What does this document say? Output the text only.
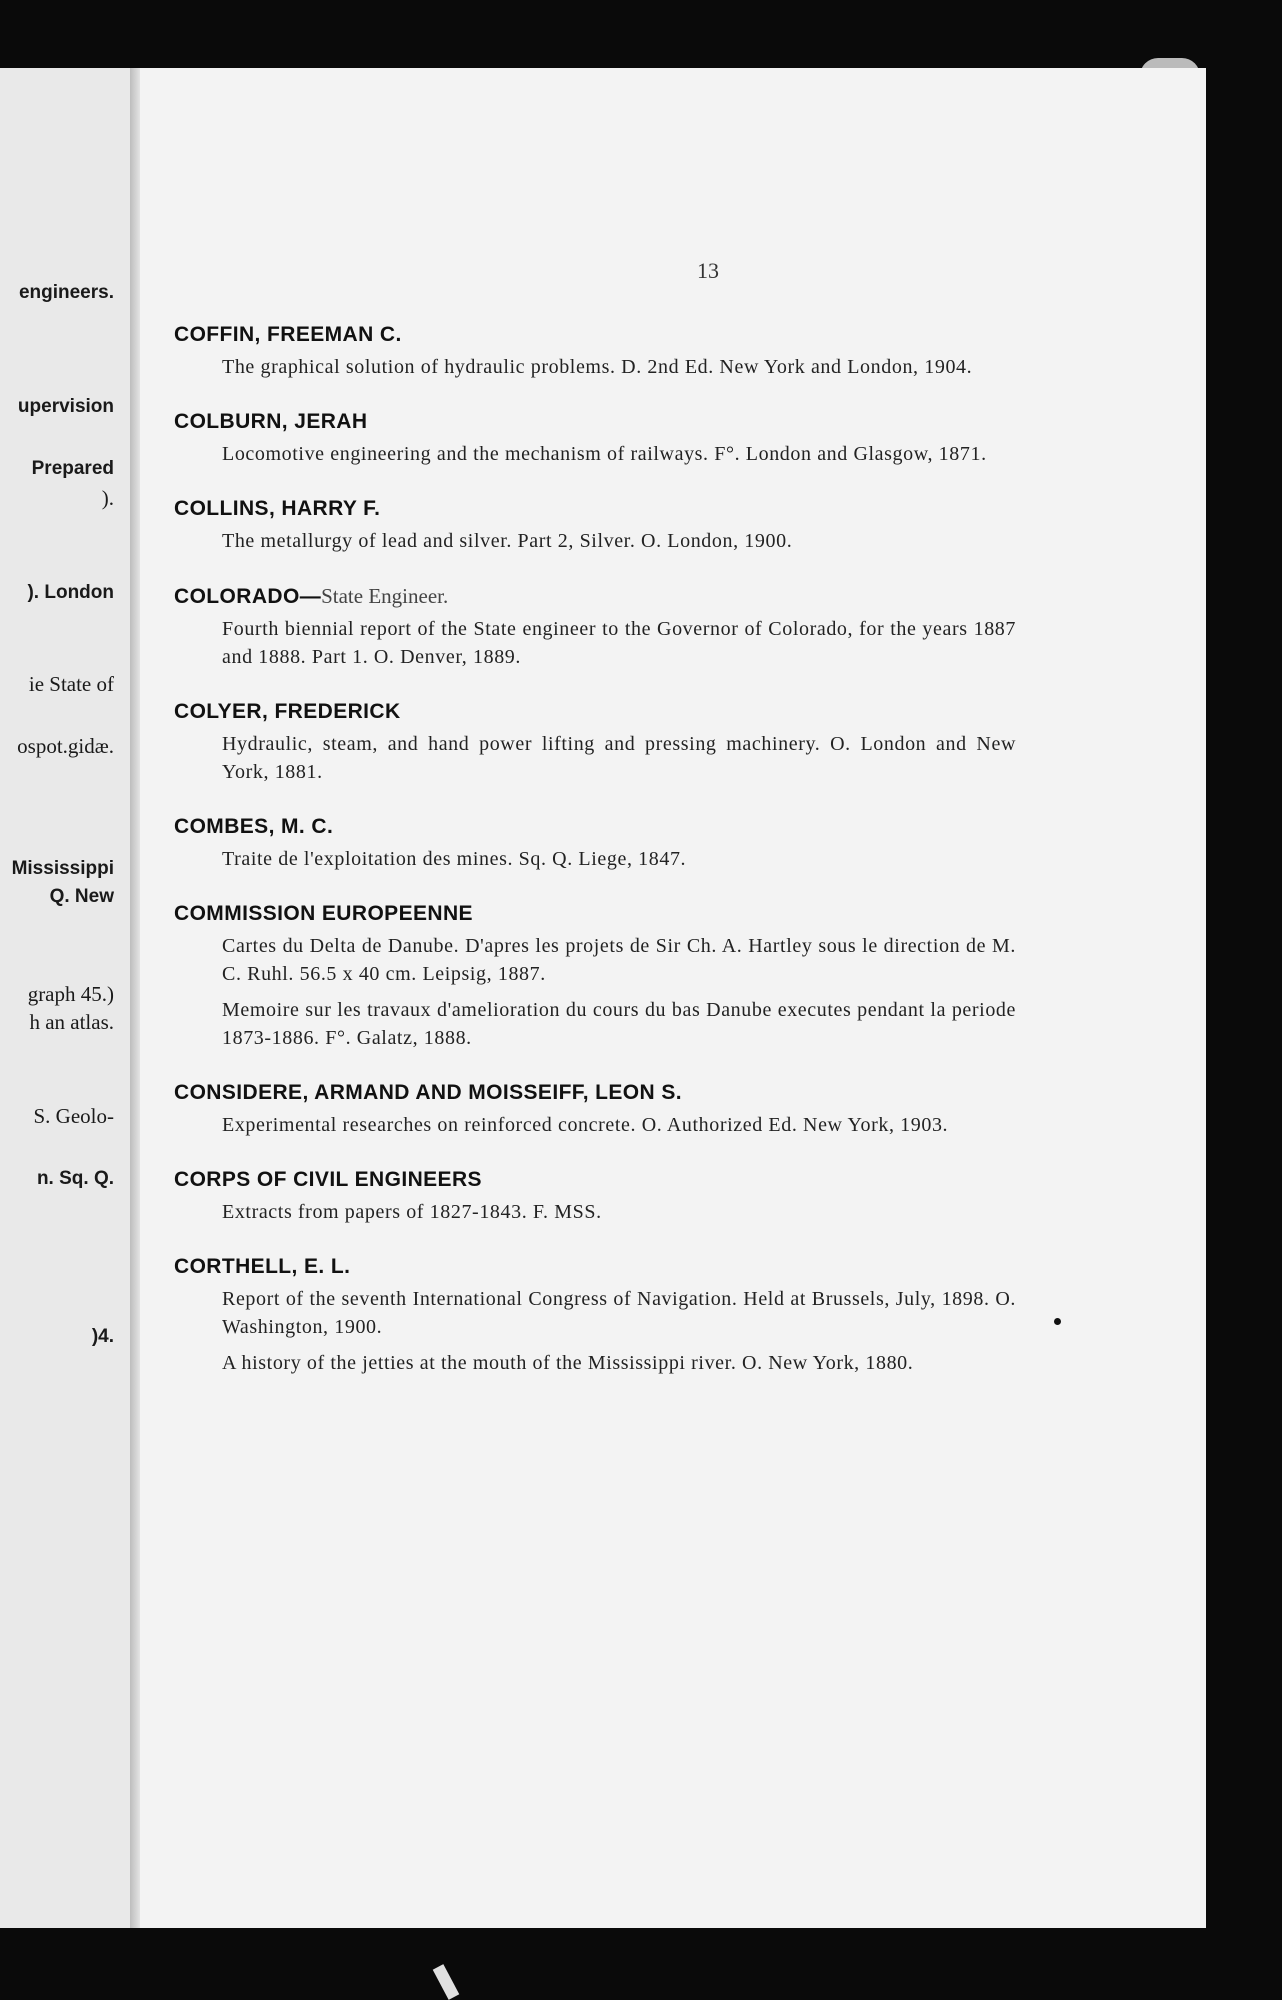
engineers.
upervision
Prepared
).
). London
ie State of
ospot.gidæ.
Mississippi
Q. New
graph 45.)
h an atlas.
S. Geolo-
n. Sq. Q.
)4.
13
COFFIN, FREEMAN C.
The graphical solution of hydraulic problems. D. 2nd Ed. New York and London, 1904.
COLBURN, JERAH
Locomotive engineering and the mechanism of railways. F°. London and Glasgow, 1871.
COLLINS, HARRY F.
The metallurgy of lead and silver. Part 2, Silver. O. London, 1900.
COLORADO—State Engineer.
Fourth biennial report of the State engineer to the Governor of Colorado, for the years 1887 and 1888. Part 1. O. Denver, 1889.
COLYER, FREDERICK
Hydraulic, steam, and hand power lifting and pressing machinery. O. London and New York, 1881.
COMBES, M. C.
Traite de l'exploitation des mines. Sq. Q. Liege, 1847.
COMMISSION EUROPEENNE
Cartes du Delta de Danube. D'apres les projets de Sir Ch. A. Hartley sous le direction de M. C. Ruhl. 56.5 x 40 cm. Leipsig, 1887.
Memoire sur les travaux d'amelioration du cours du bas Danube executes pendant la periode 1873-1886. F°. Galatz, 1888.
CONSIDERE, ARMAND AND MOISSEIFF, LEON S.
Experimental researches on reinforced concrete. O. Authorized Ed. New York, 1903.
CORPS OF CIVIL ENGINEERS
Extracts from papers of 1827-1843. F. MSS.
CORTHELL, E. L.
Report of the seventh International Congress of Navigation. Held at Brussels, July, 1898. O. Washington, 1900.
A history of the jetties at the mouth of the Mississippi river. O. New York, 1880.
